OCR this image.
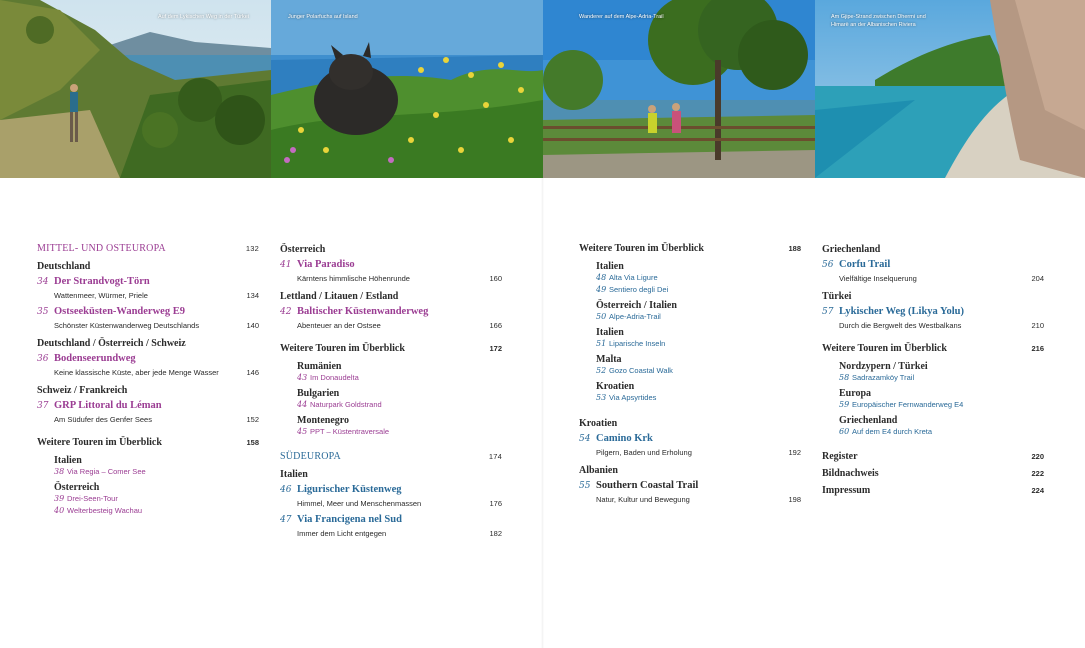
Auf dem Lykischen Weg in der Türkei	Junger Polarfuchs auf Island	Wanderer auf dem Alpe-Adria-Trail	Am Gjipe-Strand zwischen Dhermi und
Himarë an der Albanischen Riviera
MITTEL- UND OSTEUROPA	132
Deutschland
34 Der Strandvogt-Törn
Wattenmeer, Würmer, Priele	134
35 Ostseeküsten-Wanderweg E9
Schönster Küstenwanderweg Deutschlands	140
Deutschland / Österreich / Schweiz
36 Bodenseerundweg
Keine klassische Küste, aber jede Menge Wasser	146
Schweiz / Frankreich
37 GRP Littoral du Léman
Am Südufer des Genfer Sees	152
Weitere Touren im Überblick	158
Italien
38 Via Regia – Comer See
Österreich
39 Drei-Seen-Tour
40 Welterbesteig Wachau
Österreich
41 Via Paradiso
Kärntens himmlische Höhenrunde	160
Lettland / Litauen / Estland
42 Baltischer Küstenwanderweg
Abenteuer an der Ostsee	166
Weitere Touren im Überblick	172
Rumänien
43 Im Donaudelta
Bulgarien
44 Naturpark Goldstrand
Montenegro
45 PPT – Küstentraversale
SÜDEUROPA	174
Italien
46 Ligurischer Küstenweg
Himmel, Meer und Menschenmassen	176
47 Via Francigena nel Sud
Immer dem Licht entgegen	182
Weitere Touren im Überblick	188
Italien
48 Alta Via Ligure
49 Sentiero degli Dei
Österreich / Italien
50 Alpe-Adria-Trail
Italien
51 Liparische Inseln
Malta
52 Gozo Coastal Walk
Kroatien
53 Via Apsyrtides
Kroatien
54 Camino Krk
Pilgern, Baden und Erholung	192
Albanien
55 Southern Coastal Trail
Natur, Kultur und Bewegung	198
Griechenland
56 Corfu Trail
Vielfältige Inselquerung	204
Türkei
57 Lykischer Weg (Likya Yolu)
Durch die Bergwelt des Westbalkans	210
Weitere Touren im Überblick	216
Nordzypern / Türkei
58 Sadrazamköy Trail
Europa
59 Europäischer Fernwanderweg E4
Griechenland
60 Auf dem E4 durch Kreta
Register	220
Bildnachweis	222
Impressum	224
